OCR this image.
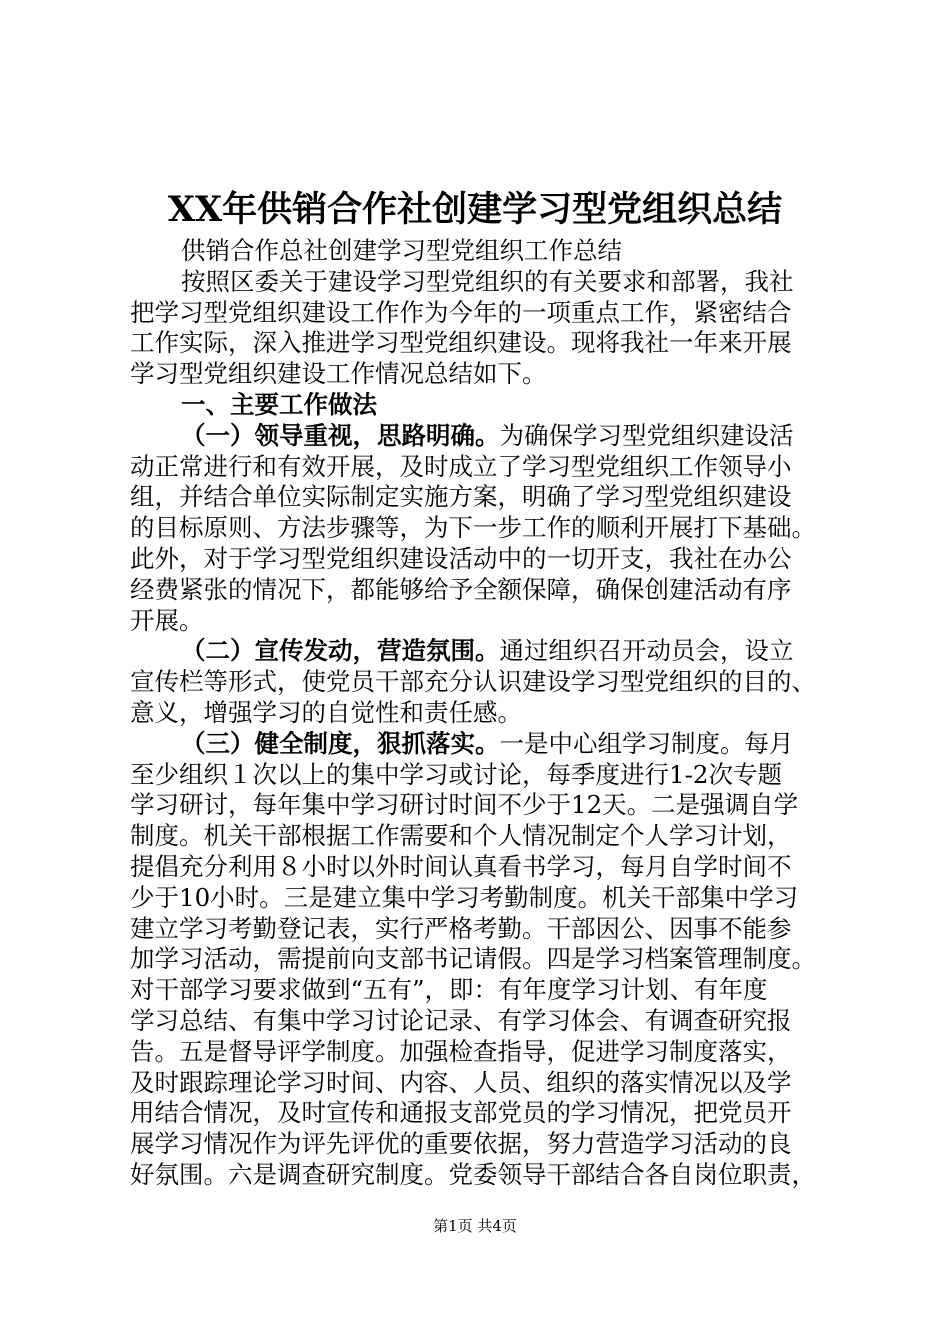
XX年供销合作社创建学习型党组织总结
供销合作总社创建学习型党组织工作总结
按照区委关于建设学习型党组织的有关要求和部署，我社
把学习型党组织建设工作作为今年的一项重点工作，紧密结合
工作实际，深入推进学习型党组织建设。现将我社一年来开展
学习型党组织建设工作情况总结如下。
一、主要工作做法
（一）领导重视，思路明确。为确保学习型党组织建设活
动正常进行和有效开展，及时成立了学习型党组织工作领导小
组，并结合单位实际制定实施方案，明确了学习型党组织建设
的目标原则、方法步骤等，为下一步工作的顺利开展打下基础。
此外，对于学习型党组织建设活动中的一切开支，我社在办公
经费紧张的情况下，都能够给予全额保障，确保创建活动有序
开展。
（二）宣传发动，营造氛围。通过组织召开动员会，设立
宣传栏等形式，使党员干部充分认识建设学习型党组织的目的、
意义，增强学习的自觉性和责任感。
（三）健全制度，狠抓落实。一是中心组学习制度。每月
至少组织１次以上的集中学习或讨论，每季度进行1-2次专题
学习研讨，每年集中学习研讨时间不少于12天。二是强调自学
制度。机关干部根据工作需要和个人情况制定个人学习计划，
提倡充分利用８小时以外时间认真看书学习，每月自学时间不
少于10小时。三是建立集中学习考勤制度。机关干部集中学习
建立学习考勤登记表，实行严格考勤。干部因公、因事不能参
加学习活动，需提前向支部书记请假。四是学习档案管理制度。
对干部学习要求做到“五有”，即：有年度学习计划、有年度
学习总结、有集中学习讨论记录、有学习体会、有调查研究报
告。五是督导评学制度。加强检查指导，促进学习制度落实，
及时跟踪理论学习时间、内容、人员、组织的落实情况以及学
用结合情况，及时宣传和通报支部党员的学习情况，把党员开
展学习情况作为评先评优的重要依据，努力营造学习活动的良
好氛围。六是调查研究制度。党委领导干部结合各自岗位职责，
第1页 共4页
